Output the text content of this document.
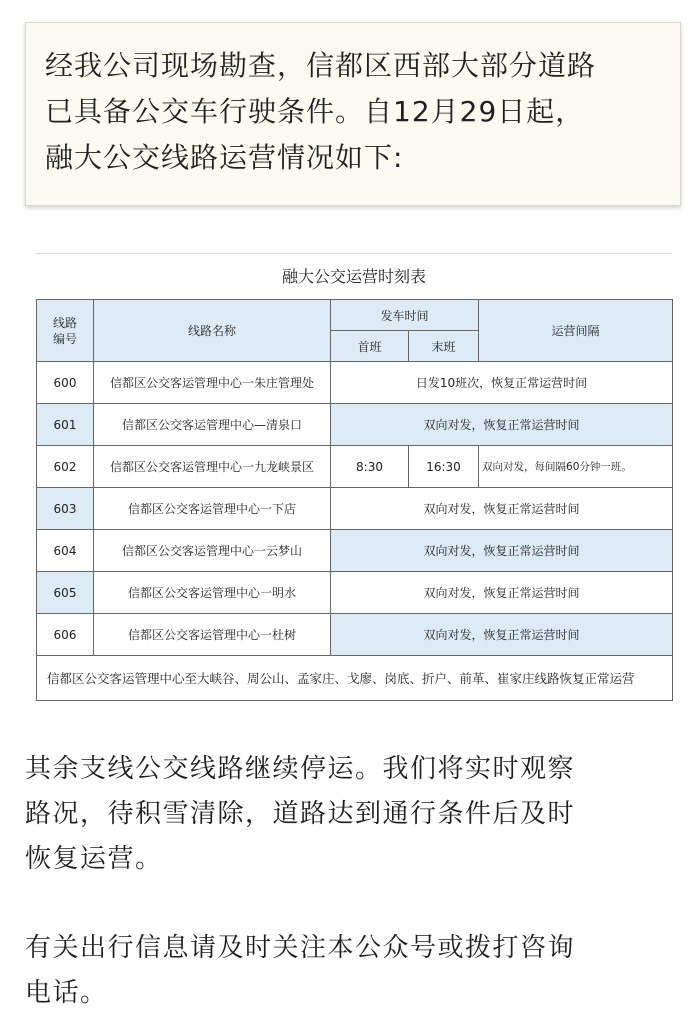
经我公司现场勘查，信都区西部大部分道路
已具备公交车行驶条件。自12月29日起，
融大公交线路运营情况如下:
融大公交运营时刻表
线路编号	线路名称	发车时间		运营间隔
		首班	末班	
600	信都区公交客运管理中心一朱庄管理处	日发10班次，恢复正常运营时间		
601	信都区公交客运管理中心—清泉口	双向对发，恢复正常运营时间		
602	信都区公交客运管理中心一九龙峡景区	8:30	16:30	双向对发，每间隔60分钟一班。
603	信都区公交客运管理中心一下店	双向对发，恢复正常运营时间		
604	信都区公交客运管理中心一云梦山	双向对发，恢复正常运营时间		
605	信都区公交客运管理中心一明水	双向对发，恢复正常运营时间		
606	信都区公交客运管理中心一杜树	双向对发，恢复正常运营时间		
信都区公交客运管理中心至大峡谷、周公山、孟家庄、戈廖、岗底、折户、前革、崔家庄线路恢复正常运营				
其余支线公交线路继续停运。我们将实时观察
路况，待积雪清除，道路达到通行条件后及时
恢复运营。
有关出行信息请及时关注本公众号或拨打咨询
电话。
